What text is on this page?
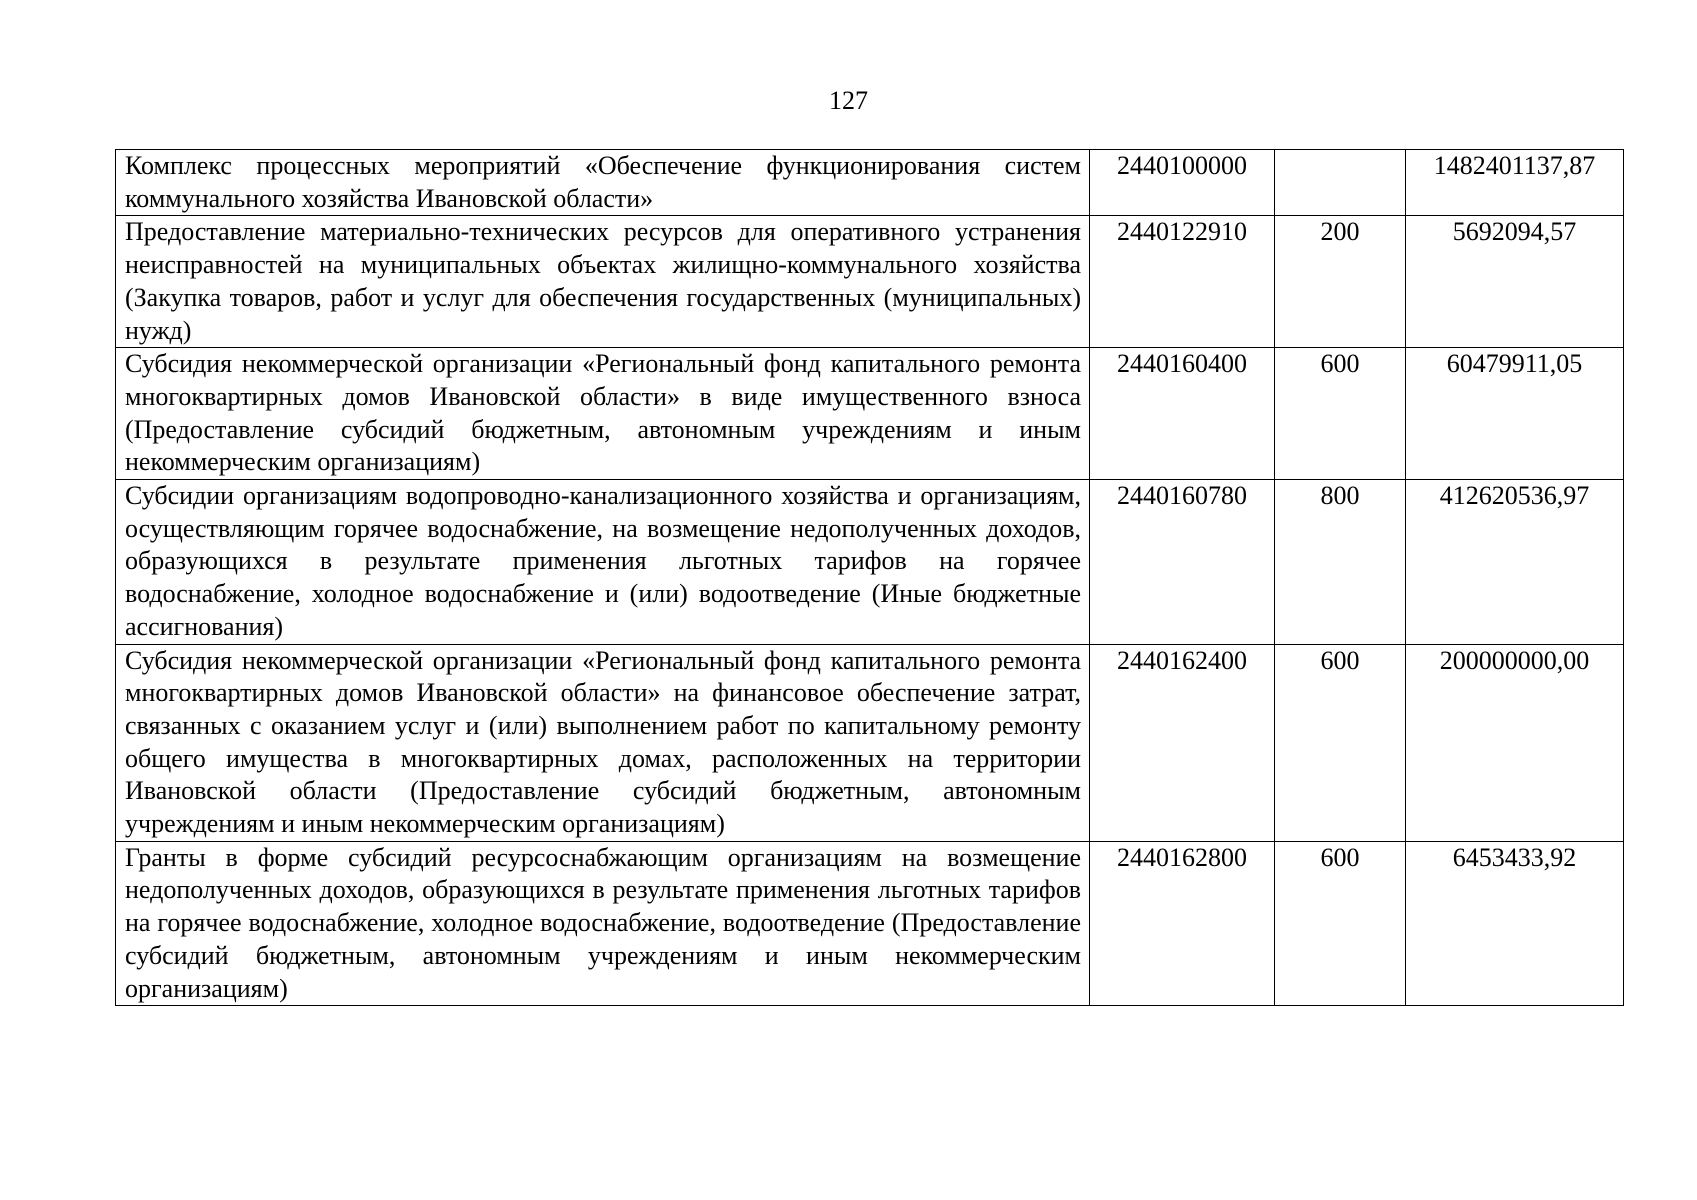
127
Комплекс процессных мероприятий «Обеспечение функционирования систем коммунального хозяйства Ивановской области»	2440100000		1482401137,87
Предоставление материально-технических ресурсов для оперативного устранения неисправностей на муниципальных объектах жилищно-коммунального хозяйства (Закупка товаров, работ и услуг для обеспечения государственных (муниципальных) нужд)	2440122910	200	5692094,57
Субсидия некоммерческой организации «Региональный фонд капитального ремонта многоквартирных домов Ивановской области» в виде имущественного взноса (Предоставление субсидий бюджетным, автономным учреждениям и иным некоммерческим организациям)	2440160400	600	60479911,05
Субсидии организациям водопроводно-канализационного хозяйства и организациям, осуществляющим горячее водоснабжение, на возмещение недополученных доходов, образующихся в результате применения льготных тарифов на горячее водоснабжение, холодное водоснабжение и (или) водоотведение (Иные бюджетные ассигнования)	2440160780	800	412620536,97
Субсидия некоммерческой организации «Региональный фонд капитального ремонта многоквартирных домов Ивановской области» на финансовое обеспечение затрат, связанных с оказанием услуг и (или) выполнением работ по капитальному ремонту общего имущества в многоквартирных домах, расположенных на территории Ивановской области (Предоставление субсидий бюджетным, автономным учреждениям и иным некоммерческим организациям)	2440162400	600	200000000,00
Гранты в форме субсидий ресурсоснабжающим организациям на возмещение недополученных доходов, образующихся в результате применения льготных тарифов на горячее водоснабжение, холодное водоснабжение, водоотведение (Предоставление субсидий бюджетным, автономным учреждениям и иным некоммерческим организациям)	2440162800	600	6453433,92
